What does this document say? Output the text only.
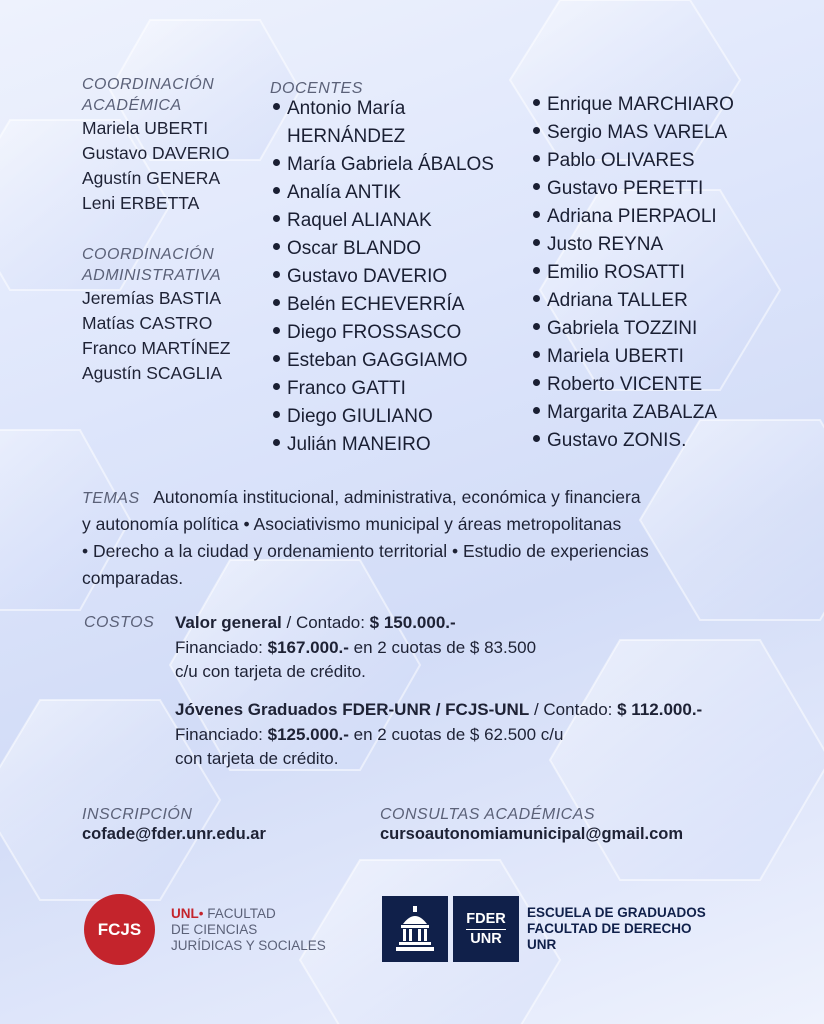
COORDINACIÓN
ACADÉMICA
Mariela UBERTI
Gustavo DAVERIO
Agustín GENERA
Leni ERBETTA
COORDINACIÓN
ADMINISTRATIVA
Jeremías BASTIA
Matías CASTRO
Franco MARTÍNEZ
Agustín SCAGLIA
DOCENTES
Antonio María
HERNÁNDEZ
María Gabriela ÁBALOS
Analía ANTIK
Raquel ALIANAK
Oscar BLANDO
Gustavo DAVERIO
Belén ECHEVERRÍA
Diego FROSSASCO
Esteban GAGGIAMO
Franco GATTI
Diego GIULIANO
Julián MANEIRO
Enrique MARCHIARO
Sergio MAS VARELA
Pablo OLIVARES
Gustavo PERETTI
Adriana PIERPAOLI
Justo REYNA
Emilio ROSATTI
Adriana TALLER
Gabriela TOZZINI
Mariela UBERTI
Roberto VICENTE
Margarita ZABALZA
Gustavo ZONIS.
TEMAS Autonomía institucional, administrativa, económica y financiera
y autonomía política • Asociativismo municipal y áreas metropolitanas
• Derecho a la ciudad y ordenamiento territorial • Estudio de experiencias
comparadas.
COSTOS Valor general / Contado: $ 150.000.-
Financiado: $167.000.- en 2 cuotas de $ 83.500
c/u con tarjeta de crédito.
Jóvenes Graduados FDER-UNR / FCJS-UNL / Contado: $ 112.000.-
Financiado: $125.000.- en 2 cuotas de $ 62.500 c/u
con tarjeta de crédito.
INSCRIPCIÓN
cofade@fder.unr.edu.ar
CONSULTAS ACADÉMICAS
cursoautonomiamunicipal@gmail.com
FCJS
UNL• FACULTAD
DE CIENCIAS
JURÍDICAS Y SOCIALES
FDER
UNR
ESCUELA DE GRADUADOS
FACULTAD DE DERECHO
UNR
